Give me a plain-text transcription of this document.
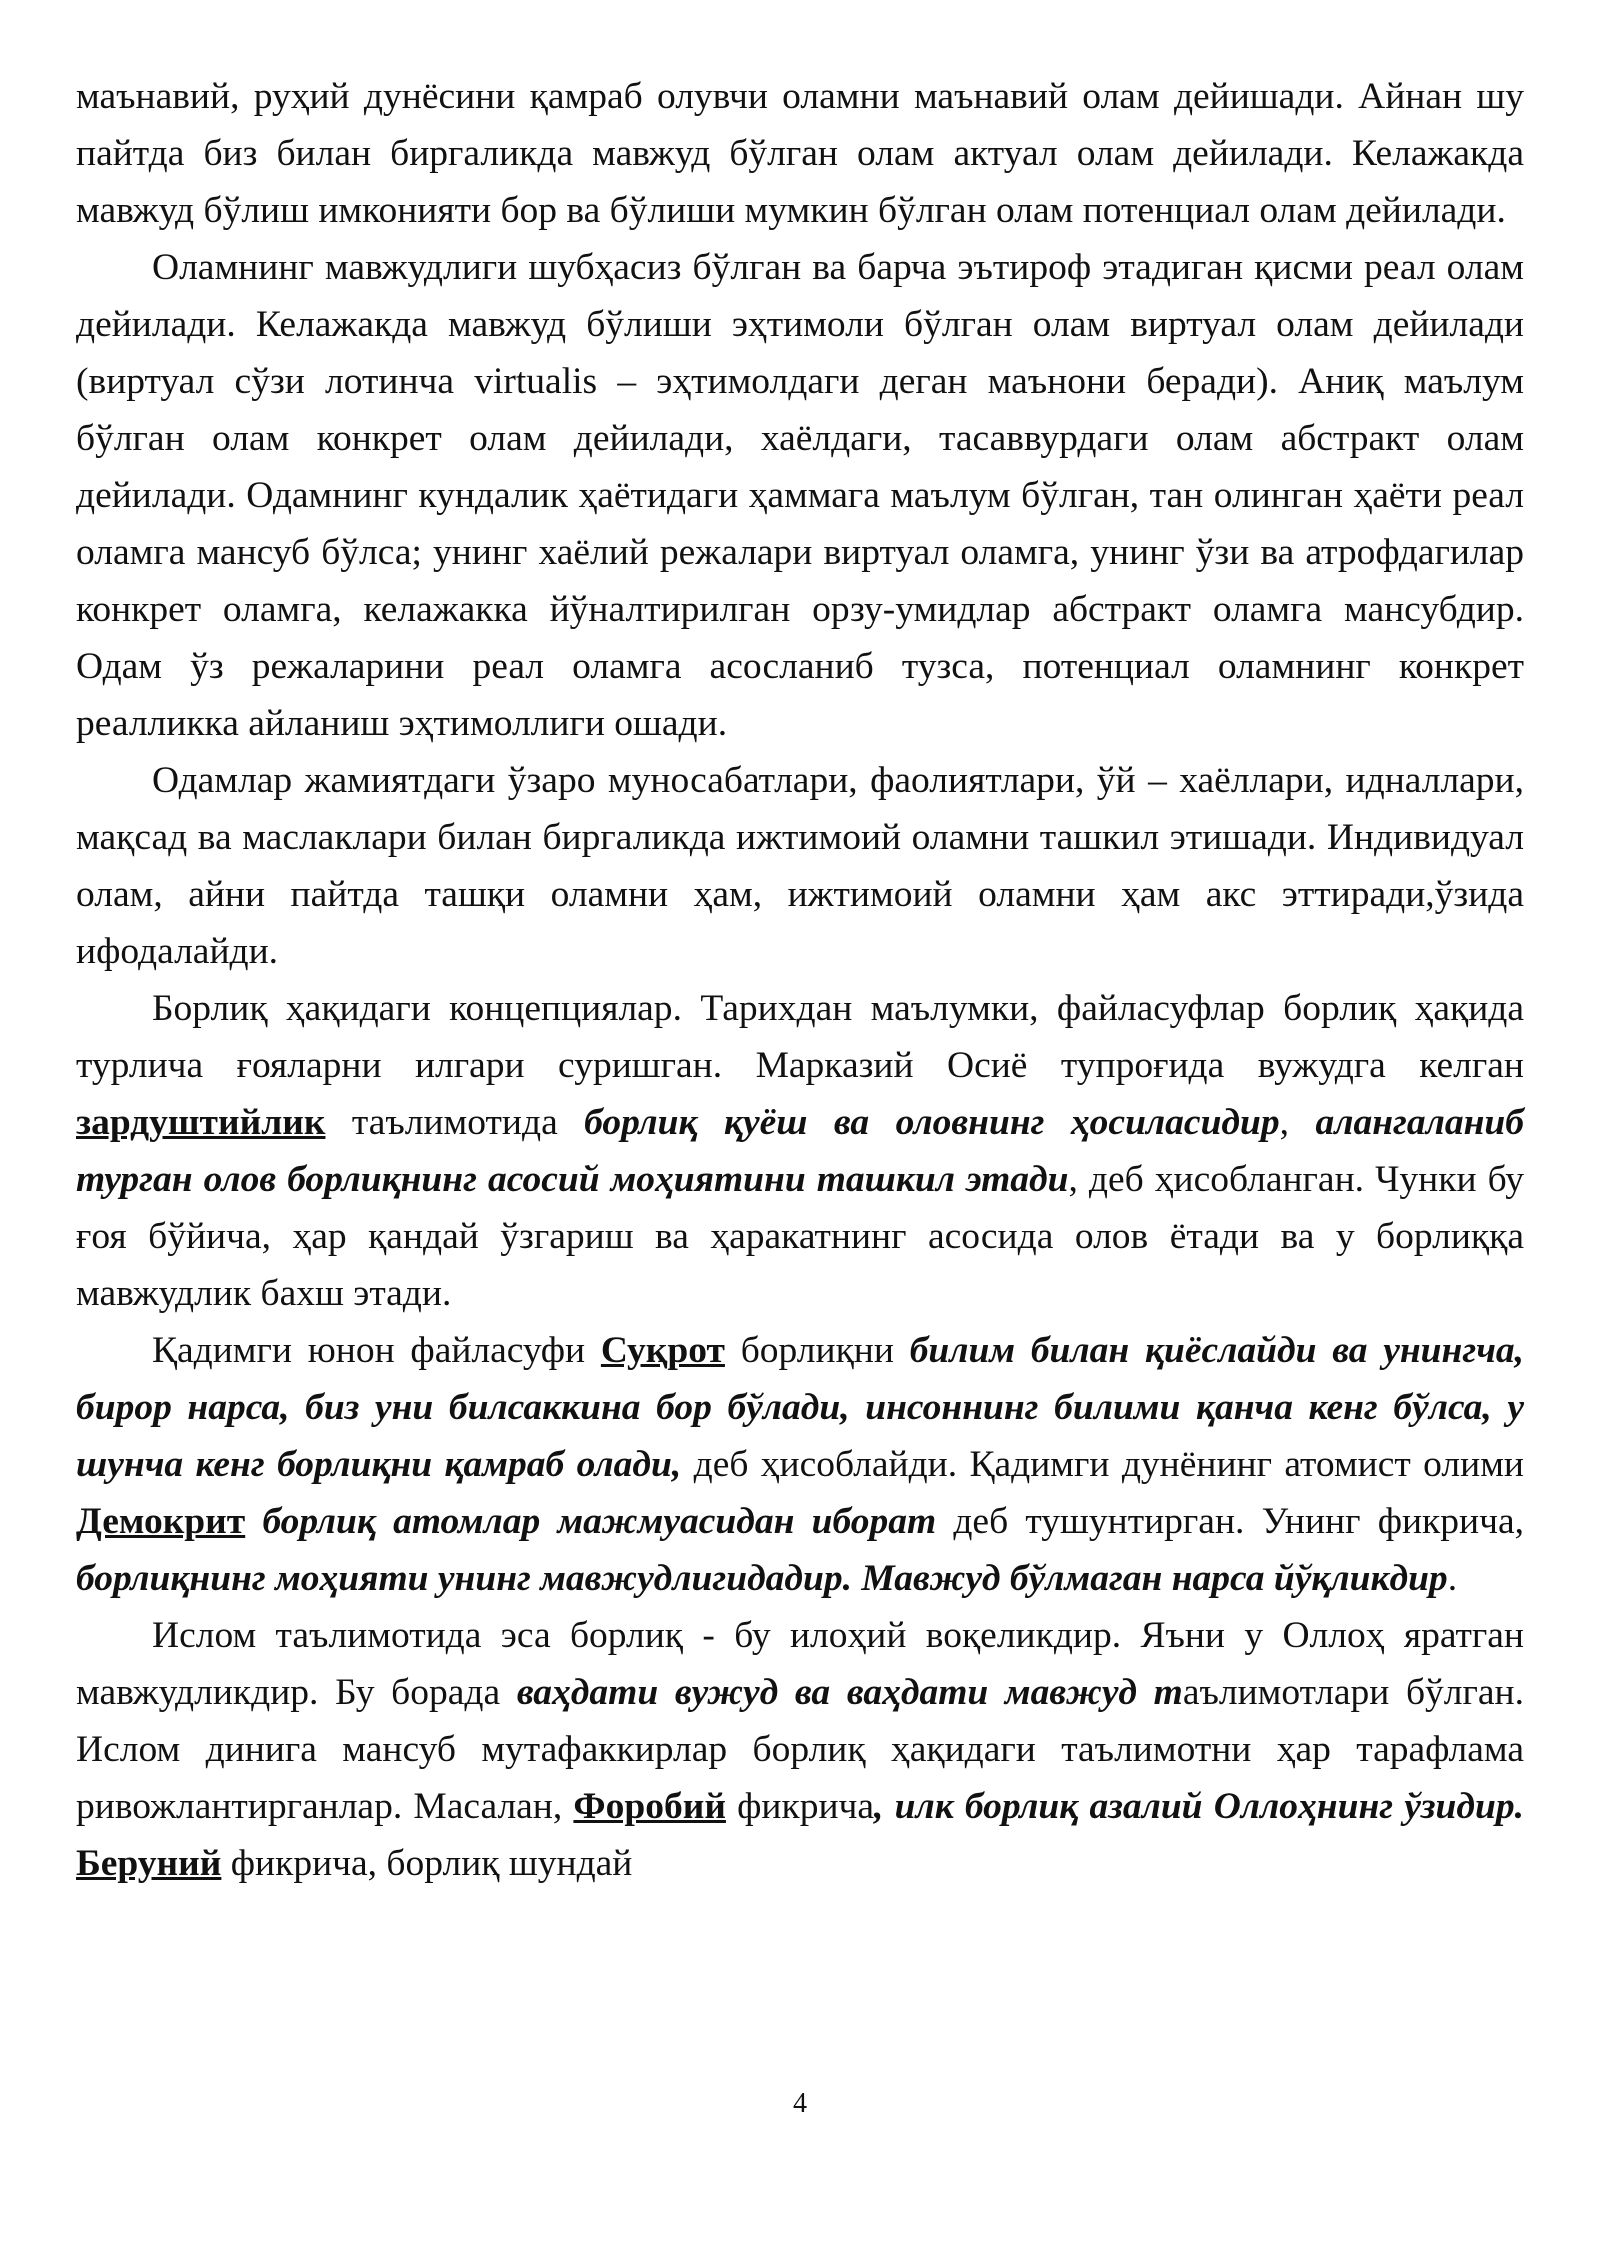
маънавий, руҳий дунёсини қамраб олувчи оламни маънавий олам дейишади. Айнан шу пайтда биз билан биргаликда мавжуд бўлган олам актуал олам дейилади. Келажакда мавжуд бўлиш имконияти бор ва бўлиши мумкин бўлган олам потенциал олам дейилади.

Оламнинг мавжудлиги шубҳасиз бўлган ва барча эътироф этадиган қисми реал олам дейилади. Келажакда мавжуд бўлиши эҳтимоли бўлган олам виртуал олам дейилади (виртуал сўзи лотинча virtualis – эҳтимолдаги деган маънони беради). Аниқ маълум бўлган олам конкрет олам дейилади, хаёлдаги, тасаввурдаги олам абстракт олам дейилади. Одамнинг кундалик ҳаётидаги ҳаммага маълум бўлган, тан олинган ҳаёти реал оламга мансуб бўлса; унинг хаёлий режалари виртуал оламга, унинг ўзи ва атрофдагилар конкрет оламга, келажакка йўналтирилган орзу-умидлар абстракт оламга мансубдир. Одам ўз режаларини реал оламга асосланиб тузса, потенциал оламнинг конкрет реалликка айланиш эҳтимоллиги ошади.

Одамлар жамиятдаги ўзаро муносабатлари, фаолиятлари, ўй – хаёллари, идналлари, мақсад ва маслаклари билан биргаликда ижтимоий оламни ташкил этишади. Индивидуал олам, айни пайтда ташқи оламни ҳам, ижтимоий оламни ҳам акс эттиради,ўзида ифодалайди.

Борлиқ ҳақидаги концепциялар. Тарихдан маълумки, файласуфлар борлиқ ҳақида турлича ғояларни илгари суришган. Марказий Осиё тупроғида вужудга келган зардуштийлик таълимотида борлиқ қуёш ва оловнинг ҳосиласидир, алангаланиб турган олов борлиқнинг асосий моҳиятини ташкил этади, деб ҳисобланган. Чунки бу ғоя бўйича, ҳар қандай ўзгариш ва ҳаракатнинг асосида олов ётади ва у борлиққа мавжудлик бахш этади.

Қадимги юнон файласуфи Суқрот борлиқни билим билан қиёслайди ва унингча, бирор нарса, биз уни билсаккина бор бўлади, инсоннинг билими қанча кенг бўлса, у шунча кенг борлиқни қамраб олади, деб ҳисоблайди. Қадимги дунёнинг атомист олими Демокрит борлиқ атомлар мажмуасидан иборат деб тушунтирган. Унинг фикрича, борлиқнинг моҳияти унинг мавжудлигидадир. Мавжуд бўлмаган нарса йўқликдир.

Ислом таълимотида эса борлиқ - бу илоҳий воқеликдир. Яъни у Оллоҳ яратган мавжудликдир. Бу борада ваҳдати вужуд ва ваҳдати мавжуд таълимотлари бўлган. Ислом динига мансуб мутафаккирлар борлиқ ҳақидаги таълимотни ҳар тарафлама ривожлантирганлар. Масалан, Форобий фикрича, илк борлиқ азалий Оллоҳнинг ўзидир. Беруний фикрича, борлиқ шундай

4
